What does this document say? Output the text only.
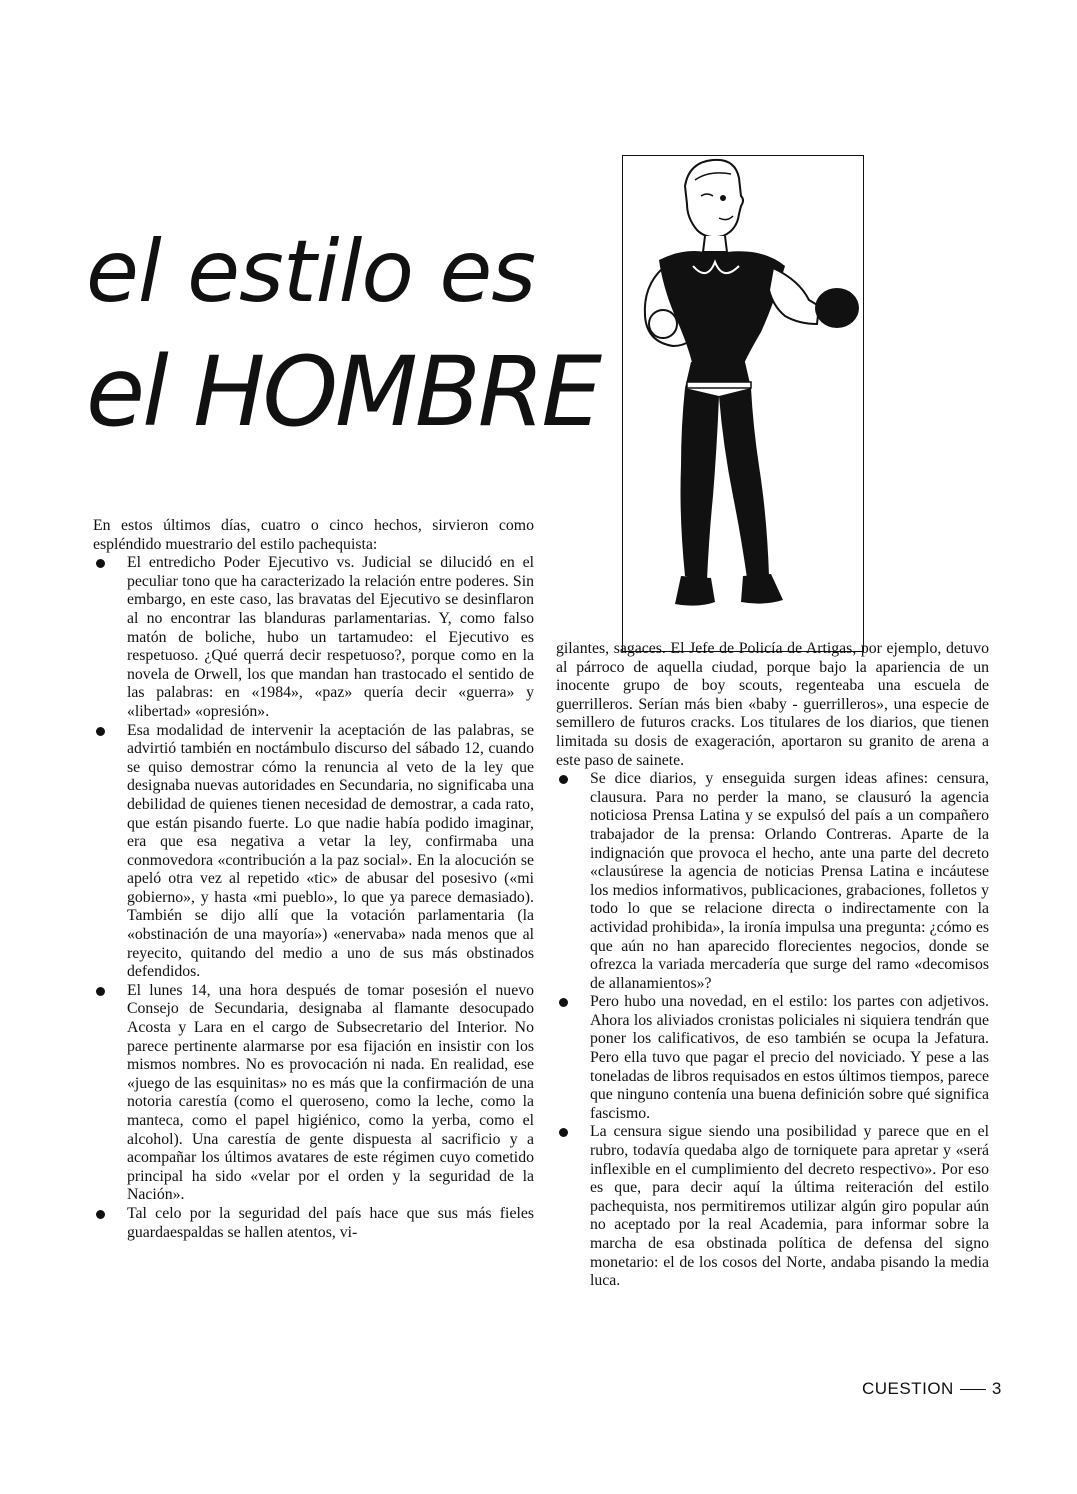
el estilo es
el HOMBRE

En estos últimos días, cuatro o cinco hechos, sirvieron como espléndido muestrario del estilo pachequista:

El entredicho Poder Ejecutivo vs. Judicial se dilucidó en el peculiar tono que ha caracterizado la relación entre poderes. Sin embargo, en este caso, las bravatas del Ejecutivo se desinflaron al no encontrar las blanduras parlamentarias. Y, como falso matón de boliche, hubo un tartamudeo: el Ejecutivo es respetuoso. ¿Qué querrá decir respetuoso?, porque como en la novela de Orwell, los que mandan han trastocado el sentido de las palabras: en «1984», «paz» quería decir «guerra» y «libertad» «opresión».
Esa modalidad de intervenir la aceptación de las palabras, se advirtió también en noctámbulo discurso del sábado 12, cuando se quiso demostrar cómo la renuncia al veto de la ley que designaba nuevas autoridades en Secundaria, no significaba una debilidad de quienes tienen necesidad de demostrar, a cada rato, que están pisando fuerte. Lo que nadie había podido imaginar, era que esa negativa a vetar la ley, confirmaba una conmovedora «contribución a la paz social». En la alocución se apeló otra vez al repetido «tic» de abusar del posesivo («mi gobierno», y hasta «mi pueblo», lo que ya parece demasiado). También se dijo allí que la votación parlamentaria (la «obstinación de una mayoría») «enervaba» nada menos que al reyecito, quitando del medio a uno de sus más obstinados defendidos.
El lunes 14, una hora después de tomar posesión el nuevo Consejo de Secundaria, designaba al flamante desocupado Acosta y Lara en el cargo de Subsecretario del Interior. No parece pertinente alarmarse por esa fijación en insistir con los mismos nombres. No es provocación ni nada. En realidad, ese «juego de las esquinitas» no es más que la confirmación de una notoria carestía (como el queroseno, como la leche, como la manteca, como el papel higiénico, como la yerba, como el alcohol). Una carestía de gente dispuesta al sacrificio y a acompañar los últimos avatares de este régimen cuyo cometido principal ha sido «velar por el orden y la seguridad de la Nación».
Tal celo por la seguridad del país hace que sus más fieles guardaespaldas se hallen atentos, vi-

gilantes, sagaces. El Jefe de Policía de Artigas, por ejemplo, detuvo al párroco de aquella ciudad, porque bajo la apariencia de un inocente grupo de boy scouts, regenteaba una escuela de guerrilleros. Serían más bien «baby - guerrilleros», una especie de semillero de futuros cracks. Los titulares de los diarios, que tienen limitada su dosis de exageración, aportaron su granito de arena a este paso de sainete.

Se dice diarios, y enseguida surgen ideas afines: censura, clausura. Para no perder la mano, se clausuró la agencia noticiosa Prensa Latina y se expulsó del país a un compañero trabajador de la prensa: Orlando Contreras. Aparte de la indignación que provoca el hecho, ante una parte del decreto «clausúrese la agencia de noticias Prensa Latina e incáutese los medios informativos, publicaciones, grabaciones, folletos y todo lo que se relacione directa o indirectamente con la actividad prohibida», la ironía impulsa una pregunta: ¿cómo es que aún no han aparecido florecientes negocios, donde se ofrezca la variada mercadería que surge del ramo «decomisos de allanamientos»?
Pero hubo una novedad, en el estilo: los partes con adjetivos. Ahora los aliviados cronistas policiales ni siquiera tendrán que poner los calificativos, de eso también se ocupa la Jefatura. Pero ella tuvo que pagar el precio del noviciado. Y pese a las toneladas de libros requisados en estos últimos tiempos, parece que ninguno contenía una buena definición sobre qué significa fascismo.
La censura sigue siendo una posibilidad y parece que en el rubro, todavía quedaba algo de torniquete para apretar y «será inflexible en el cumplimiento del decreto respectivo». Por eso es que, para decir aquí la última reiteración del estilo pachequista, nos permitiremos utilizar algún giro popular aún no aceptado por la real Academia, para informar sobre la marcha de esa obstinada política de defensa del signo monetario: el de los cosos del Norte, andaba pisando la media luca.
CUESTION 3
